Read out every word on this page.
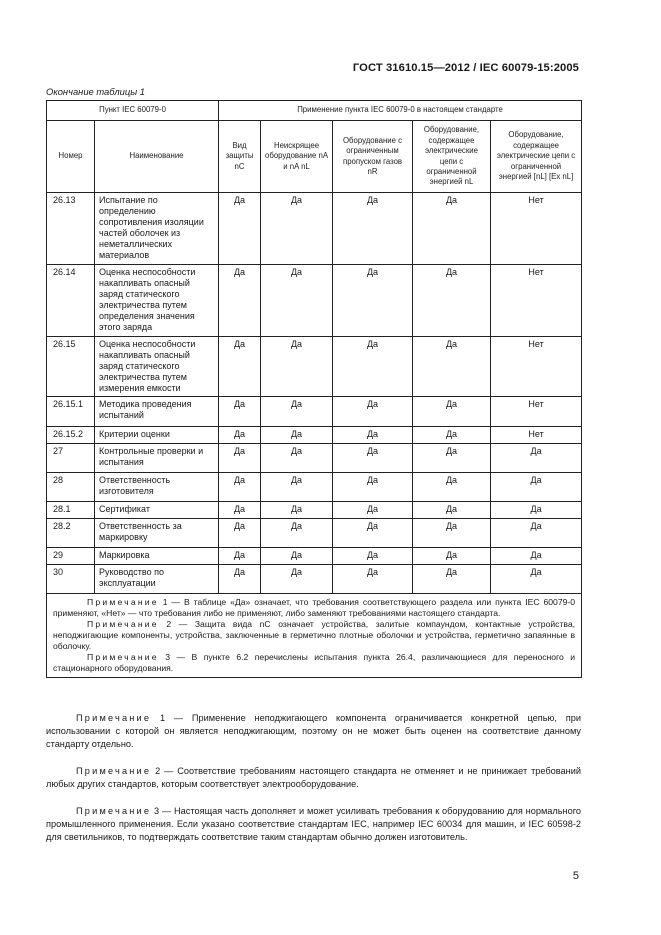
ГОСТ 31610.15—2012 / IEC 60079-15:2005
Окончание таблицы 1
Пункт IEC 60079-0		Применение пункта IEC 60079-0 в настоящем стандарте				
Номер	Наименование	Вид защиты nC	Неискрящее оборудование nA и nA nL	Оборудование с ограниченным пропуском газов nR	Оборудование, содержащее электрические цепи с ограниченной энергией nL	Оборудование, содержащее электрические цепи с ограниченной энергией [nL] [Ex nL]
26.13	Испытание по определению сопротивления изоляции частей оболочек из неметаллических материалов	Да	Да	Да	Да	Нет
26.14	Оценка неспособности накапливать опасный заряд статического электричества путем определения значения этого заряда	Да	Да	Да	Да	Нет
26.15	Оценка неспособности накапливать опасный заряд статического электричества путем измерения емкости	Да	Да	Да	Да	Нет
26.15.1	Методика проведения испытаний	Да	Да	Да	Да	Нет
26.15.2	Критерии оценки	Да	Да	Да	Да	Нет
27	Контрольные проверки и испытания	Да	Да	Да	Да	Да
28	Ответственность изготовителя	Да	Да	Да	Да	Да
28.1	Сертификат	Да	Да	Да	Да	Да
28.2	Ответственность за маркировку	Да	Да	Да	Да	Да
29	Маркировка	Да	Да	Да	Да	Да
30	Руководство по эксплуатации	Да	Да	Да	Да	Да

Примечание 1 — В таблице «Да» означает, что требования соответствующего раздела или пункта IEC 60079-0 применяют, «Нет» — что требования либо не применяют, либо заменяют требованиями настоящего стандарта.

Примечание 2 — Защита вида nC означает устройства, залитые компаундом, контактные устройства, неподжигающие компоненты, устройства, заключенные в герметично плотные оболочки и устройства, герметично запаянные в оболочку.

Примечание 3 — В пункте 6.2 перечислены испытания пункта 26.4, различающиеся для переносного и стационарного оборудования.						

Примечание 1 — Применение неподжигающего компонента ограничивается конкретной цепью, при использовании с которой он является неподжигающим, поэтому он не может быть оценен на соответствие данному стандарту отдельно.

Примечание 2 — Соответствие требованиям настоящего стандарта не отменяет и не принижает требований любых других стандартов, которым соответствует электрооборудование.

Примечание 3 — Настоящая часть дополняет и может усиливать требования к оборудованию для нормального промышленного применения. Если указано соответствие стандартам IEC, например IEC 60034 для машин, и IEC 60598-2 для светильников, то подтверждать соответствие таким стандартам обычно должен изготовитель.

5
